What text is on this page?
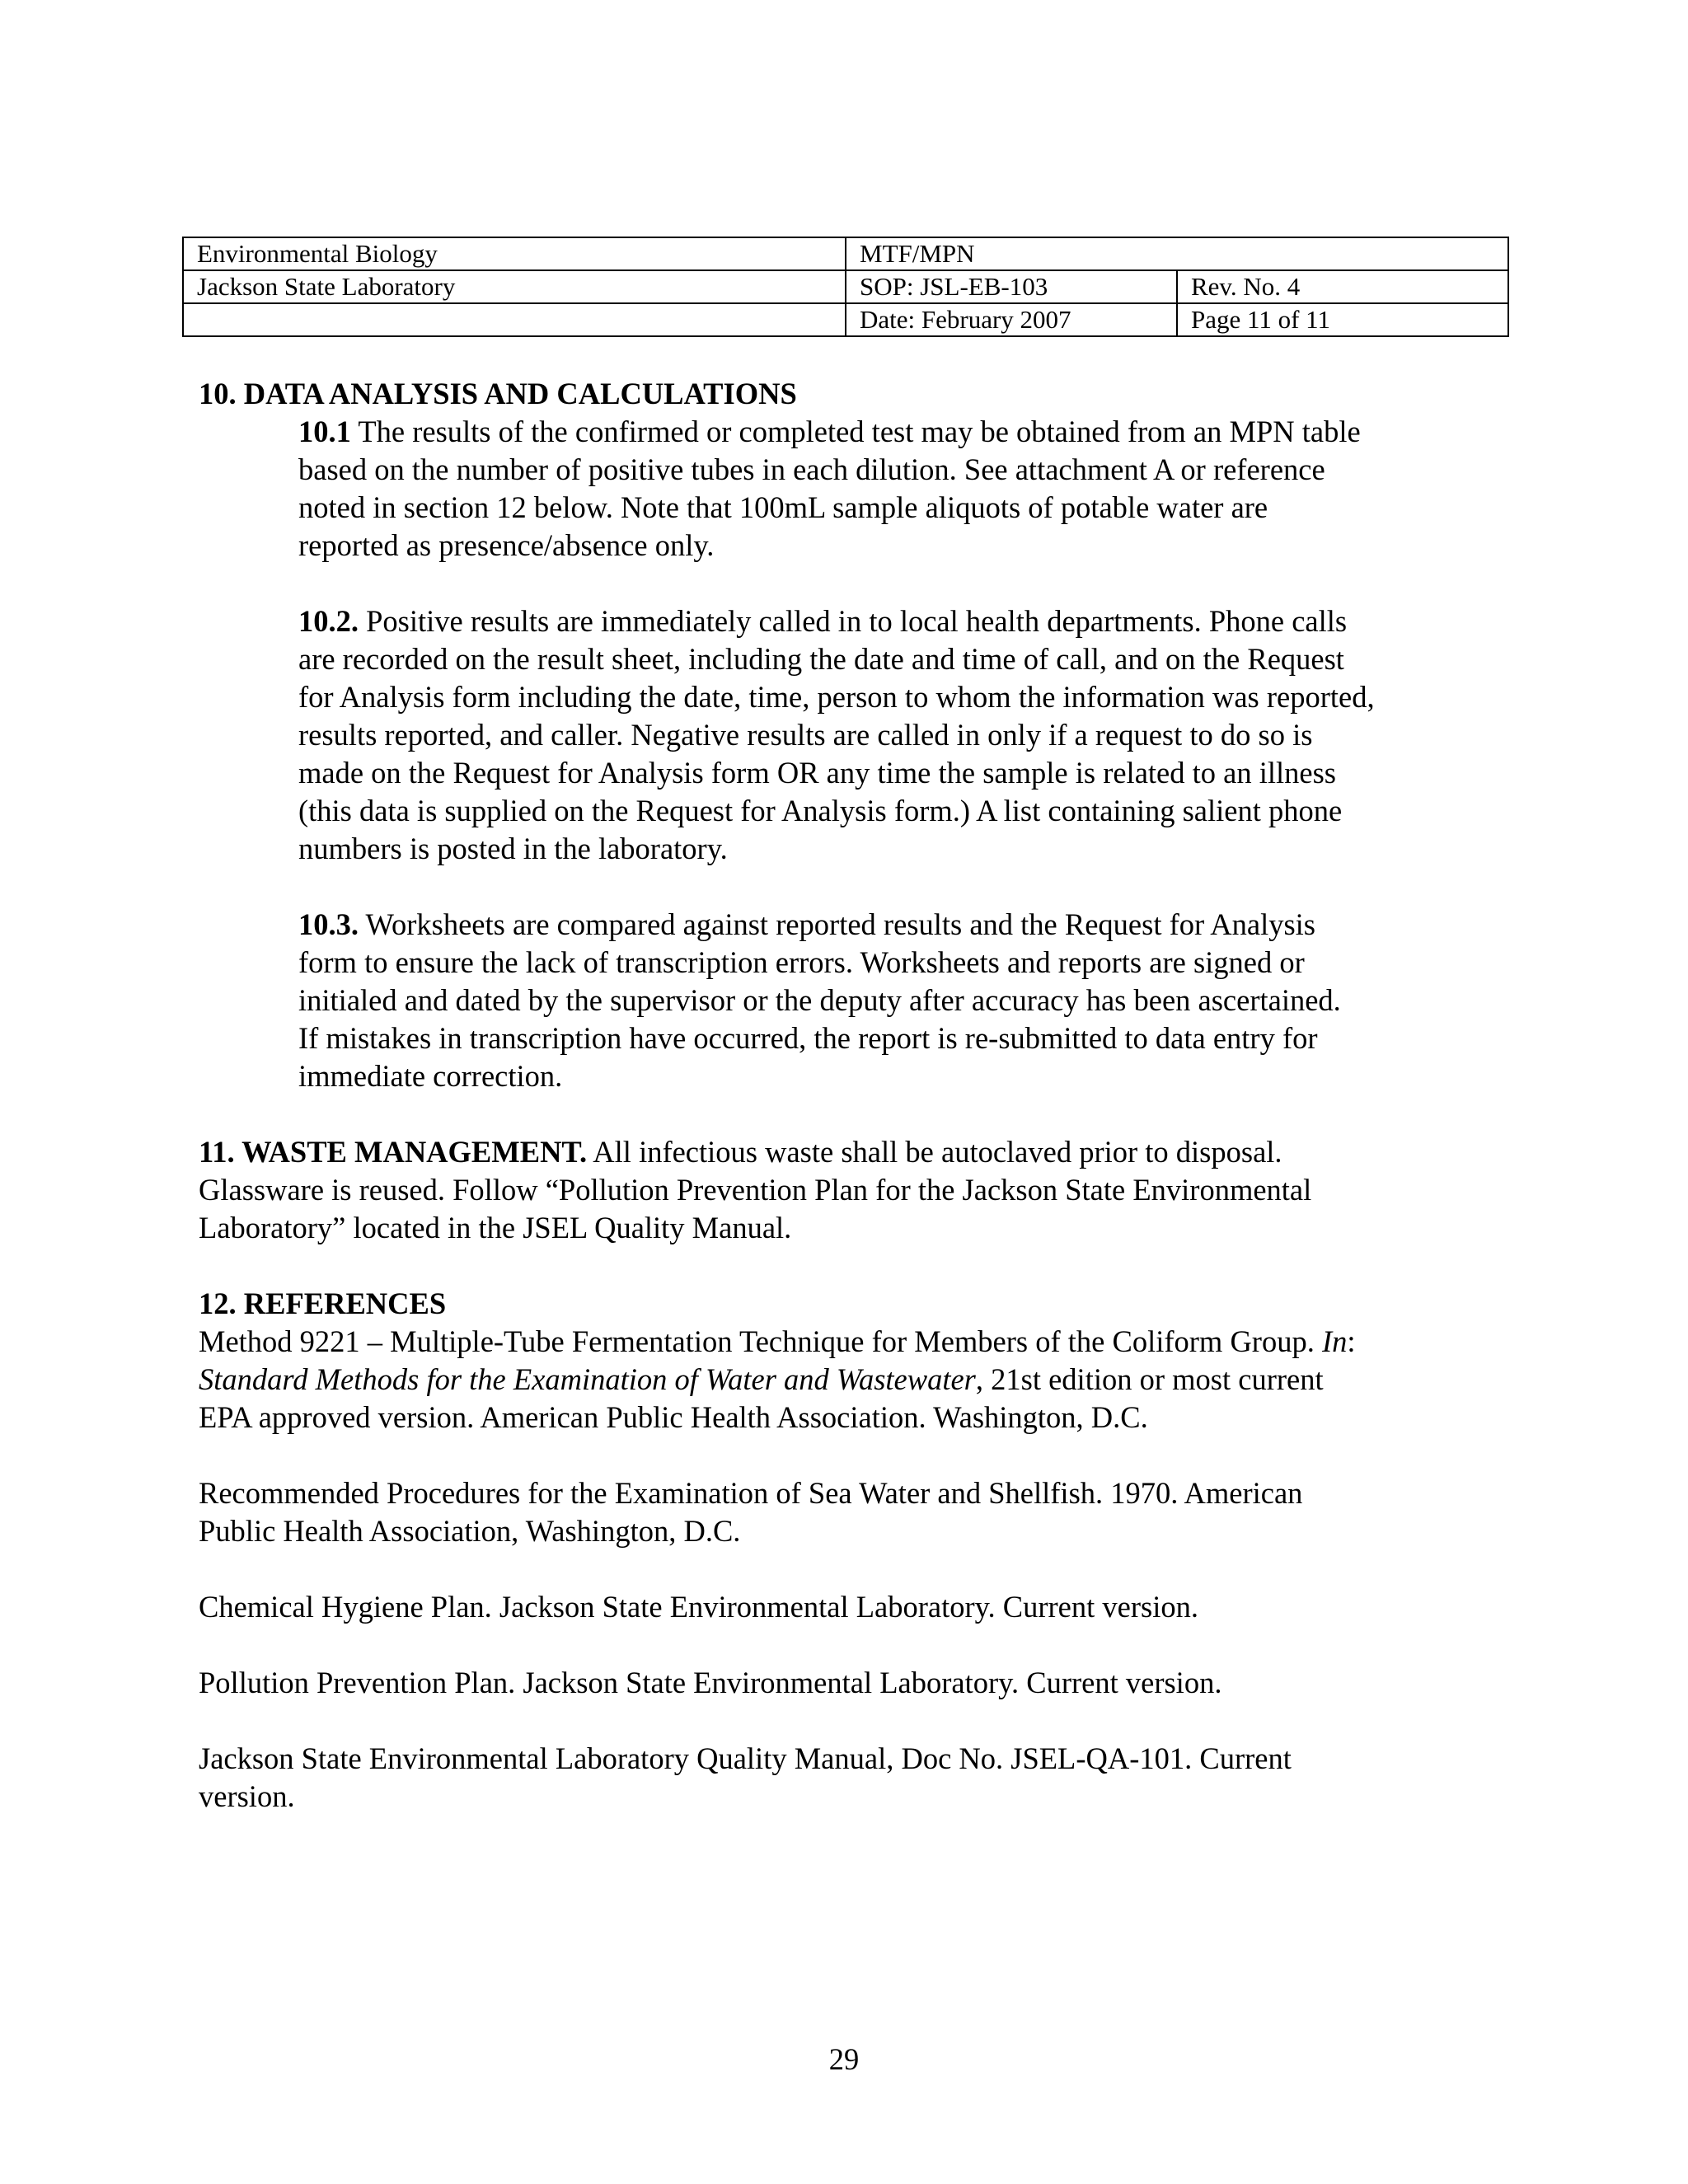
Environmental Biology	MTF/MPN	
Jackson State Laboratory	SOP: JSL-EB-103	Rev. No. 4
	Date: February 2007	Page 11 of 11

10. DATA ANALYSIS AND CALCULATIONS

10.1 The results of the confirmed or completed test may be obtained from an MPN table
based on the number of positive tubes in each dilution. See attachment A or reference
noted in section 12 below. Note that 100mL sample aliquots of potable water are
reported as presence/absence only.

10.2. Positive results are immediately called in to local health departments. Phone calls
are recorded on the result sheet, including the date and time of call, and on the Request
for Analysis form including the date, time, person to whom the information was reported,
results reported, and caller. Negative results are called in only if a request to do so is
made on the Request for Analysis form OR any time the sample is related to an illness
(this data is supplied on the Request for Analysis form.) A list containing salient phone
numbers is posted in the laboratory.

10.3. Worksheets are compared against reported results and the Request for Analysis
form to ensure the lack of transcription errors. Worksheets and reports are signed or
initialed and dated by the supervisor or the deputy after accuracy has been ascertained.
If mistakes in transcription have occurred, the report is re-submitted to data entry for
immediate correction.

11. WASTE MANAGEMENT. All infectious waste shall be autoclaved prior to disposal.
Glassware is reused. Follow “Pollution Prevention Plan for the Jackson State Environmental
Laboratory” located in the JSEL Quality Manual.

12. REFERENCES

Method 9221 – Multiple-Tube Fermentation Technique for Members of the Coliform Group. In:
Standard Methods for the Examination of Water and Wastewater, 21st edition or most current
EPA approved version. American Public Health Association. Washington, D.C.

Recommended Procedures for the Examination of Sea Water and Shellfish. 1970. American
Public Health Association, Washington, D.C.

Chemical Hygiene Plan. Jackson State Environmental Laboratory. Current version.

Pollution Prevention Plan. Jackson State Environmental Laboratory. Current version.

Jackson State Environmental Laboratory Quality Manual, Doc No. JSEL-QA-101. Current
version.

29
